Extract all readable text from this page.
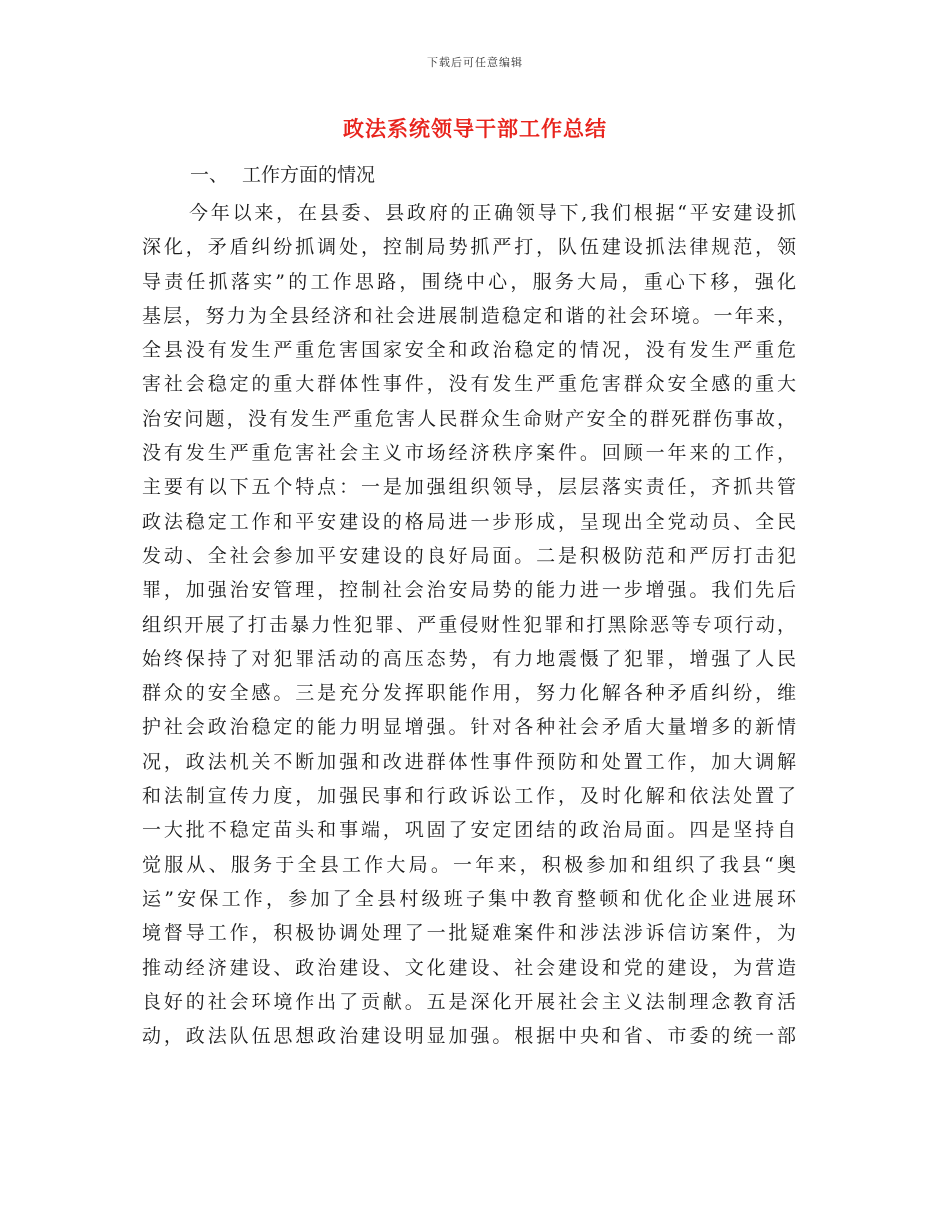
下载后可任意编辑
政法系统领导干部工作总结
一、 工作方面的情况
今年以来，在县委、县政府的正确领导下,我们根据“平安建设抓
深化，矛盾纠纷抓调处，控制局势抓严打，队伍建设抓法律规范，领
导责任抓落实”的工作思路，围绕中心，服务大局，重心下移，强化
基层，努力为全县经济和社会进展制造稳定和谐的社会环境。一年来，
全县没有发生严重危害国家安全和政治稳定的情况，没有发生严重危
害社会稳定的重大群体性事件，没有发生严重危害群众安全感的重大
治安问题，没有发生严重危害人民群众生命财产安全的群死群伤事故，
没有发生严重危害社会主义市场经济秩序案件。回顾一年来的工作，
主要有以下五个特点：一是加强组织领导，层层落实责任，齐抓共管
政法稳定工作和平安建设的格局进一步形成，呈现出全党动员、全民
发动、全社会参加平安建设的良好局面。二是积极防范和严厉打击犯
罪，加强治安管理，控制社会治安局势的能力进一步增强。我们先后
组织开展了打击暴力性犯罪、严重侵财性犯罪和打黑除恶等专项行动，
始终保持了对犯罪活动的高压态势，有力地震慑了犯罪，增强了人民
群众的安全感。三是充分发挥职能作用，努力化解各种矛盾纠纷，维
护社会政治稳定的能力明显增强。针对各种社会矛盾大量增多的新情
况，政法机关不断加强和改进群体性事件预防和处置工作，加大调解
和法制宣传力度，加强民事和行政诉讼工作，及时化解和依法处置了
一大批不稳定苗头和事端，巩固了安定团结的政治局面。四是坚持自
觉服从、服务于全县工作大局。一年来，积极参加和组织了我县“奥
运”安保工作，参加了全县村级班子集中教育整顿和优化企业进展环
境督导工作，积极协调处理了一批疑难案件和涉法涉诉信访案件，为
推动经济建设、政治建设、文化建设、社会建设和党的建设，为营造
良好的社会环境作出了贡献。五是深化开展社会主义法制理念教育活
动，政法队伍思想政治建设明显加强。根据中央和省、市委的统一部
